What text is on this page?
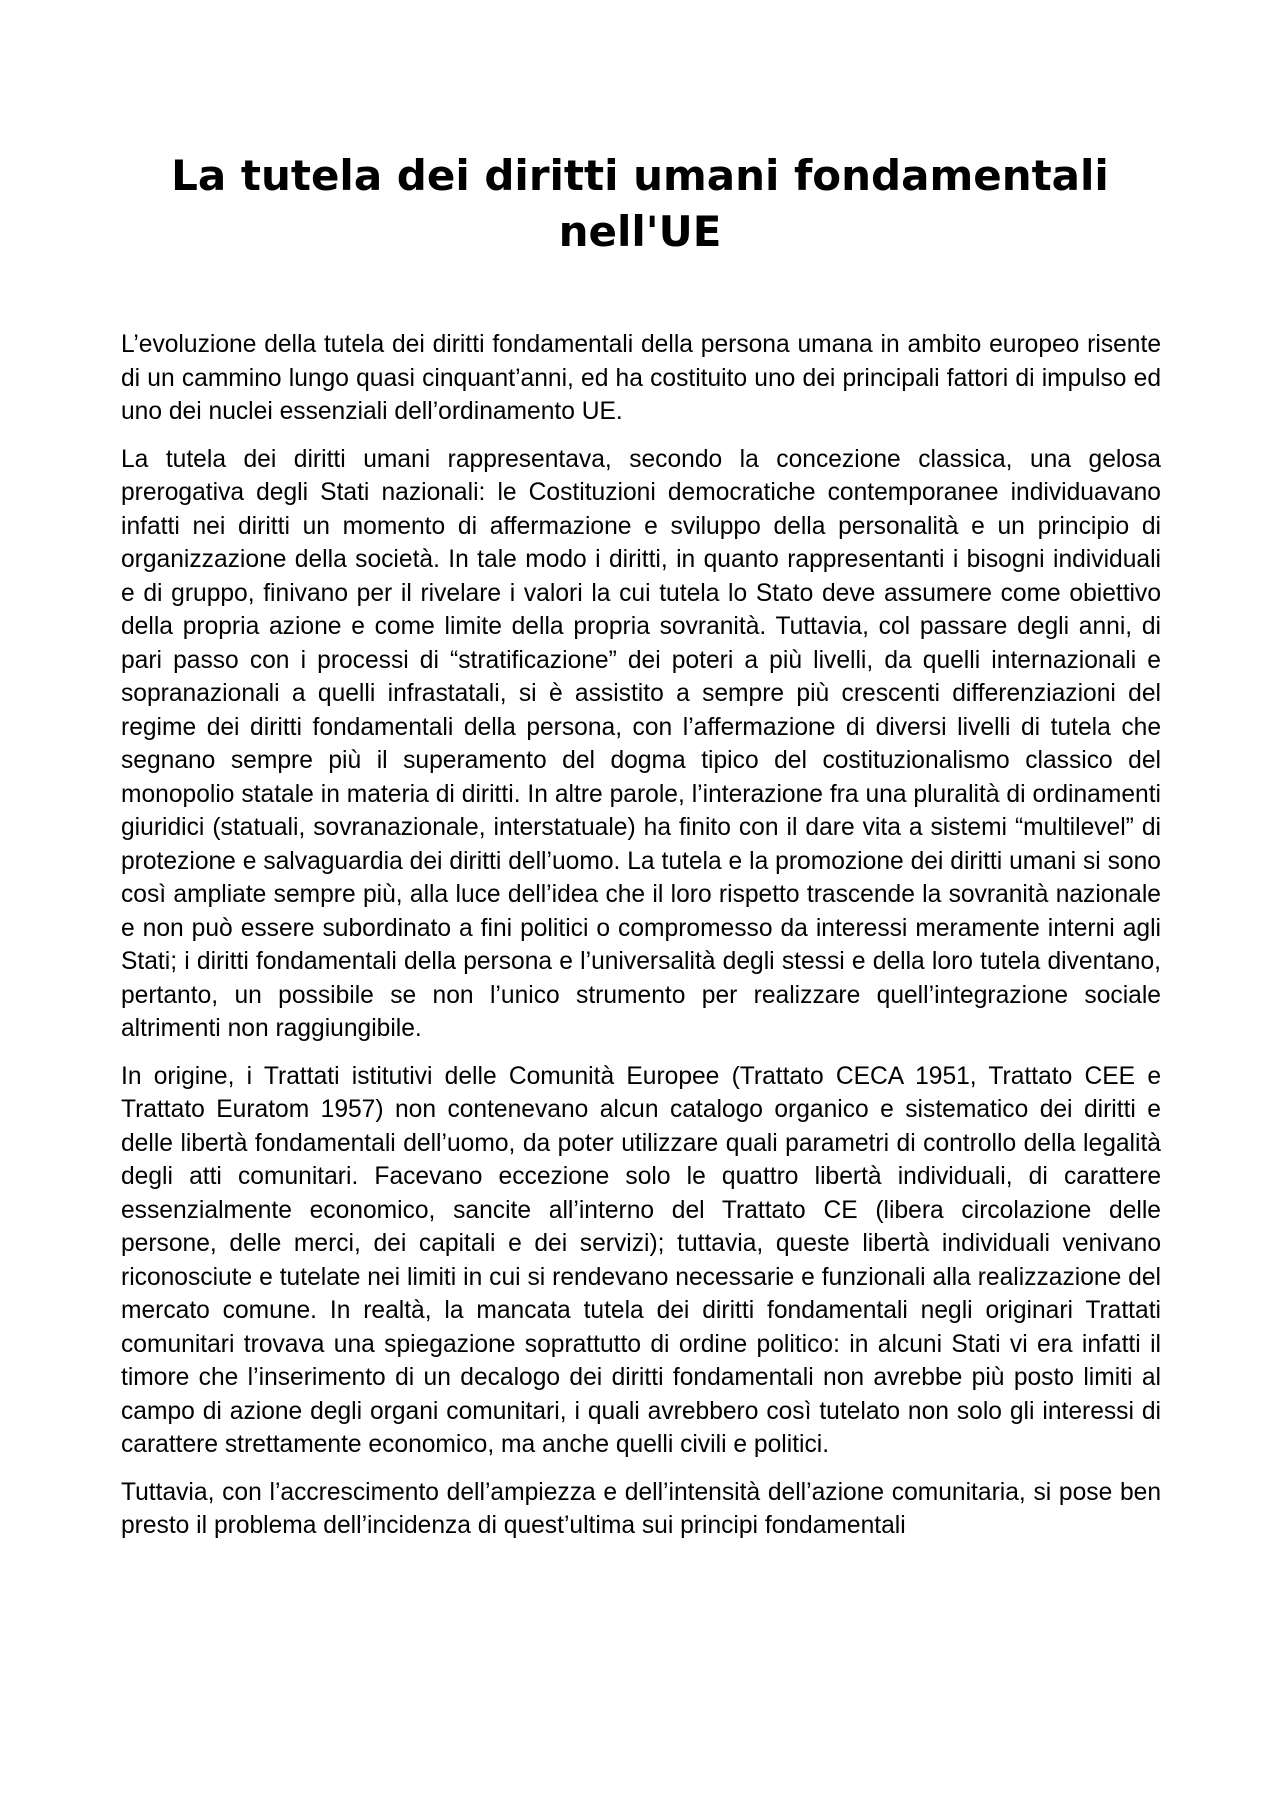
La tutela dei diritti umani fondamentali nell'UE

L’evoluzione della tutela dei diritti fondamentali della persona umana in ambito europeo risente di un cammino lungo quasi cinquant’anni, ed ha costituito uno dei principali fattori di impulso ed uno dei nuclei essenziali dell’ordinamento UE.

La tutela dei diritti umani rappresentava, secondo la concezione classica, una gelosa prerogativa degli Stati nazionali: le Costituzioni democratiche contemporanee individuavano infatti nei diritti un momento di affermazione e sviluppo della personalità e un principio di organizzazione della società. In tale modo i diritti, in quanto rappresentanti i bisogni individuali e di gruppo, finivano per il rivelare i valori la cui tutela lo Stato deve assumere come obiettivo della propria azione e come limite della propria sovranità. Tuttavia, col passare degli anni, di pari passo con i processi di “stratificazione” dei poteri a più livelli, da quelli internazionali e sopranazionali a quelli infrastatali, si è assistito a sempre più crescenti differenziazioni del regime dei diritti fondamentali della persona, con l’affermazione di diversi livelli di tutela che segnano sempre più il superamento del dogma tipico del costituzionalismo classico del monopolio statale in materia di diritti. In altre parole, l’interazione fra una pluralità di ordinamenti giuridici (statuali, sovranazionale, interstatuale) ha finito con il dare vita a sistemi “multilevel” di protezione e salvaguardia dei diritti dell’uomo. La tutela e la promozione dei diritti umani si sono così ampliate sempre più, alla luce dell’idea che il loro rispetto trascende la sovranità nazionale e non può essere subordinato a fini politici o compromesso da interessi meramente interni agli Stati; i diritti fondamentali della persona e l’universalità degli stessi e della loro tutela diventano, pertanto, un possibile se non l’unico strumento per realizzare quell’integrazione sociale altrimenti non raggiungibile.

In origine, i Trattati istitutivi delle Comunità Europee (Trattato CECA 1951, Trattato CEE e Trattato Euratom 1957) non contenevano alcun catalogo organico e sistematico dei diritti e delle libertà fondamentali dell’uomo, da poter utilizzare quali parametri di controllo della legalità degli atti comunitari. Facevano eccezione solo le quattro libertà individuali, di carattere essenzialmente economico, sancite all’interno del Trattato CE (libera circolazione delle persone, delle merci, dei capitali e dei servizi); tuttavia, queste libertà individuali venivano riconosciute e tutelate nei limiti in cui si rendevano necessarie e funzionali alla realizzazione del mercato comune. In realtà, la mancata tutela dei diritti fondamentali negli originari Trattati comunitari trovava una spiegazione soprattutto di ordine politico: in alcuni Stati vi era infatti il timore che l’inserimento di un decalogo dei diritti fondamentali non avrebbe più posto limiti al campo di azione degli organi comunitari, i quali avrebbero così tutelato non solo gli interessi di carattere strettamente economico, ma anche quelli civili e politici.

Tuttavia, con l’accrescimento dell’ampiezza e dell’intensità dell’azione comunitaria, si pose ben presto il problema dell’incidenza di quest’ultima sui principi fondamentali
